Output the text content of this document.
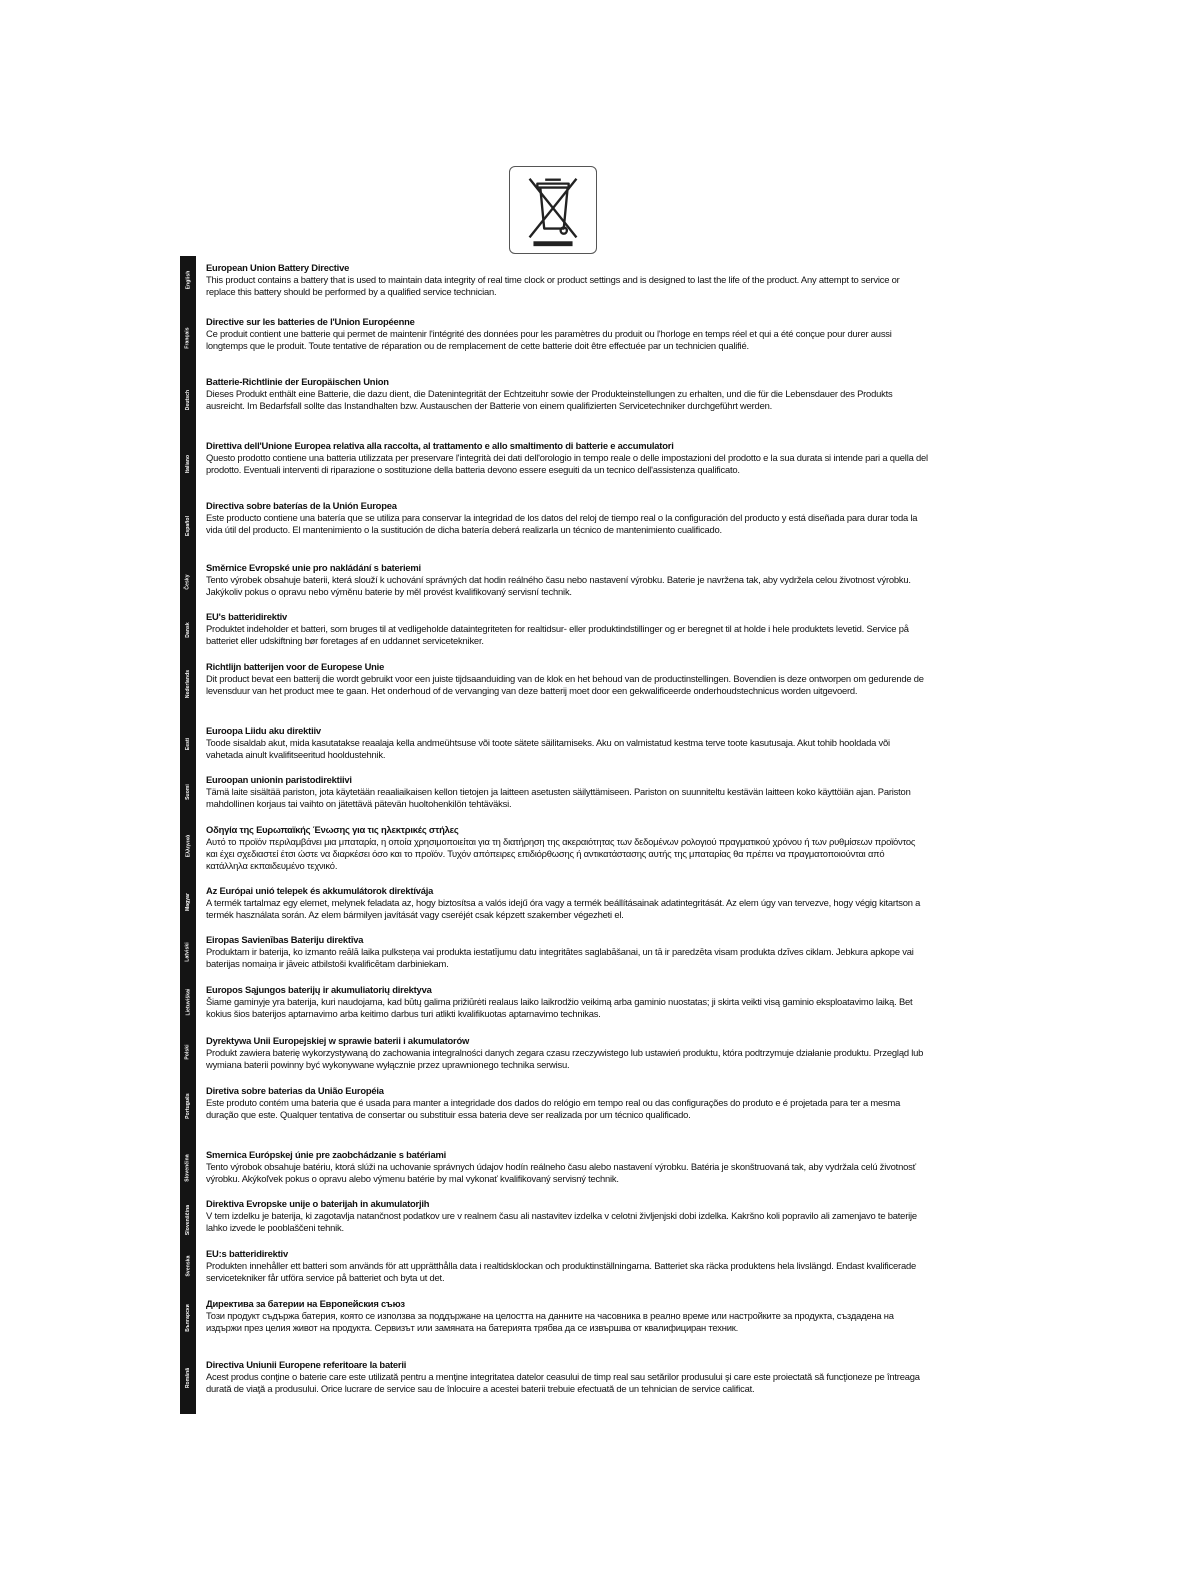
English
Français
Deutsch
Italiano
Español
Česky
Dansk
Nederlands
Eesti
Suomi
Ελληνικά
Magyar
Latviski
Lietuviškai
Polski
Português
Slovenčina
Slovenščina
Svenska
Български
Română
European Union Battery Directive

This product contains a battery that is used to maintain data integrity of real time clock or product settings and is designed to last the life of the product. Any attempt to service or replace this battery should be performed by a qualified service technician.

Directive sur les batteries de l'Union Européenne

Ce produit contient une batterie qui permet de maintenir l'intégrité des données pour les paramètres du produit ou l'horloge en temps réel et qui a été conçue pour durer aussi longtemps que le produit. Toute tentative de réparation ou de remplacement de cette batterie doit être effectuée par un technicien qualifié.

Batterie-Richtlinie der Europäischen Union

Dieses Produkt enthält eine Batterie, die dazu dient, die Datenintegrität der Echtzeituhr sowie der Produkteinstellungen zu erhalten, und die für die Lebensdauer des Produkts ausreicht. Im Bedarfsfall sollte das Instandhalten bzw. Austauschen der Batterie von einem qualifizierten Servicetechniker durchgeführt werden.

Direttiva dell'Unione Europea relativa alla raccolta, al trattamento e allo smaltimento di batterie e accumulatori

Questo prodotto contiene una batteria utilizzata per preservare l'integrità dei dati dell'orologio in tempo reale o delle impostazioni del prodotto e la sua durata si intende pari a quella del prodotto. Eventuali interventi di riparazione o sostituzione della batteria devono essere eseguiti da un tecnico dell'assistenza qualificato.

Directiva sobre baterías de la Unión Europea

Este producto contiene una batería que se utiliza para conservar la integridad de los datos del reloj de tiempo real o la configuración del producto y está diseñada para durar toda la vida útil del producto. El mantenimiento o la sustitución de dicha batería deberá realizarla un técnico de mantenimiento cualificado.

Směrnice Evropské unie pro nakládání s bateriemi

Tento výrobek obsahuje baterii, která slouží k uchování správných dat hodin reálného času nebo nastavení výrobku. Baterie je navržena tak, aby vydržela celou životnost výrobku. Jakýkoliv pokus o opravu nebo výměnu baterie by měl provést kvalifikovaný servisní technik.

EU's batteridirektiv

Produktet indeholder et batteri, som bruges til at vedligeholde dataintegriteten for realtidsur- eller produktindstillinger og er beregnet til at holde i hele produktets levetid. Service på batteriet eller udskiftning bør foretages af en uddannet servicetekniker.

Richtlijn batterijen voor de Europese Unie

Dit product bevat een batterij die wordt gebruikt voor een juiste tijdsaanduiding van de klok en het behoud van de productinstellingen. Bovendien is deze ontworpen om gedurende de levensduur van het product mee te gaan. Het onderhoud of de vervanging van deze batterij moet door een gekwalificeerde onderhoudstechnicus worden uitgevoerd.

Euroopa Liidu aku direktiiv

Toode sisaldab akut, mida kasutatakse reaalaja kella andmeühtsuse või toote sätete säilitamiseks. Aku on valmistatud kestma terve toote kasutusaja. Akut tohib hooldada või vahetada ainult kvalifitseeritud hooldustehnik.

Euroopan unionin paristodirektiivi

Tämä laite sisältää pariston, jota käytetään reaaliaikaisen kellon tietojen ja laitteen asetusten säilyttämiseen. Pariston on suunniteltu kestävän laitteen koko käyttöiän ajan. Pariston mahdollinen korjaus tai vaihto on jätettävä pätevän huoltohenkilön tehtäväksi.

Οδηγία της Ευρωπαϊκής Ένωσης για τις ηλεκτρικές στήλες

Αυτό το προϊόν περιλαμβάνει μια μπαταρία, η οποία χρησιμοποιείται για τη διατήρηση της ακεραιότητας των δεδομένων ρολογιού πραγματικού χρόνου ή των ρυθμίσεων προϊόντος και έχει σχεδιαστεί έτσι ώστε να διαρκέσει όσο και το προϊόν. Τυχόν απόπειρες επιδιόρθωσης ή αντικατάστασης αυτής της μπαταρίας θα πρέπει να πραγματοποιούνται από κατάλληλα εκπαιδευμένο τεχνικό.

Az Európai unió telepek és akkumulátorok direktívája

A termék tartalmaz egy elemet, melynek feladata az, hogy biztosítsa a valós idejű óra vagy a termék beállításainak adatintegritását. Az elem úgy van tervezve, hogy végig kitartson a termék használata során. Az elem bármilyen javítását vagy cseréjét csak képzett szakember végezheti el.

Eiropas Savienības Bateriju direktīva

Produktam ir baterija, ko izmanto reālā laika pulksteņa vai produkta iestatījumu datu integritātes saglabāšanai, un tā ir paredzēta visam produkta dzīves ciklam. Jebkura apkope vai baterijas nomaiņa ir jāveic atbilstoši kvalificētam darbiniekam.

Europos Sąjungos baterijų ir akumuliatorių direktyva

Šiame gaminyje yra baterija, kuri naudojama, kad būtų galima prižiūrėti realaus laiko laikrodžio veikimą arba gaminio nuostatas; ji skirta veikti visą gaminio eksploatavimo laiką. Bet kokius šios baterijos aptarnavimo arba keitimo darbus turi atlikti kvalifikuotas aptarnavimo technikas.

Dyrektywa Unii Europejskiej w sprawie baterii i akumulatorów

Produkt zawiera baterię wykorzystywaną do zachowania integralności danych zegara czasu rzeczywistego lub ustawień produktu, która podtrzymuje działanie produktu. Przegląd lub wymiana baterii powinny być wykonywane wyłącznie przez uprawnionego technika serwisu.

Diretiva sobre baterias da União Européia

Este produto contém uma bateria que é usada para manter a integridade dos dados do relógio em tempo real ou das configurações do produto e é projetada para ter a mesma duração que este. Qualquer tentativa de consertar ou substituir essa bateria deve ser realizada por um técnico qualificado.

Smernica Európskej únie pre zaobchádzanie s batériami

Tento výrobok obsahuje batériu, ktorá slúži na uchovanie správnych údajov hodín reálneho času alebo nastavení výrobku. Batéria je skonštruovaná tak, aby vydržala celú životnosť výrobku. Akýkoľvek pokus o opravu alebo výmenu batérie by mal vykonať kvalifikovaný servisný technik.

Direktiva Evropske unije o baterijah in akumulatorjih

V tem izdelku je baterija, ki zagotavlja natančnost podatkov ure v realnem času ali nastavitev izdelka v celotni življenjski dobi izdelka. Kakršno koli popravilo ali zamenjavo te baterije lahko izvede le pooblaščeni tehnik.

EU:s batteridirektiv

Produkten innehåller ett batteri som används för att upprätthålla data i realtidsklockan och produktinställningarna. Batteriet ska räcka produktens hela livslängd. Endast kvalificerade servicetekniker får utföra service på batteriet och byta ut det.

Директива за батерии на Европейския съюз

Този продукт съдържа батерия, която се използва за поддържане на целостта на данните на часовника в реално време или настройките за продукта, създадена на издържи през целия живот на продукта. Сервизът или замяната на батерията трябва да се извършва от квалифициран техник.

Directiva Uniunii Europene referitoare la baterii

Acest produs conţine o baterie care este utilizată pentru a menţine integritatea datelor ceasului de timp real sau setărilor produsului şi care este proiectată să funcţioneze pe întreaga durată de viaţă a produsului. Orice lucrare de service sau de înlocuire a acestei baterii trebuie efectuată de un tehnician de service calificat.
